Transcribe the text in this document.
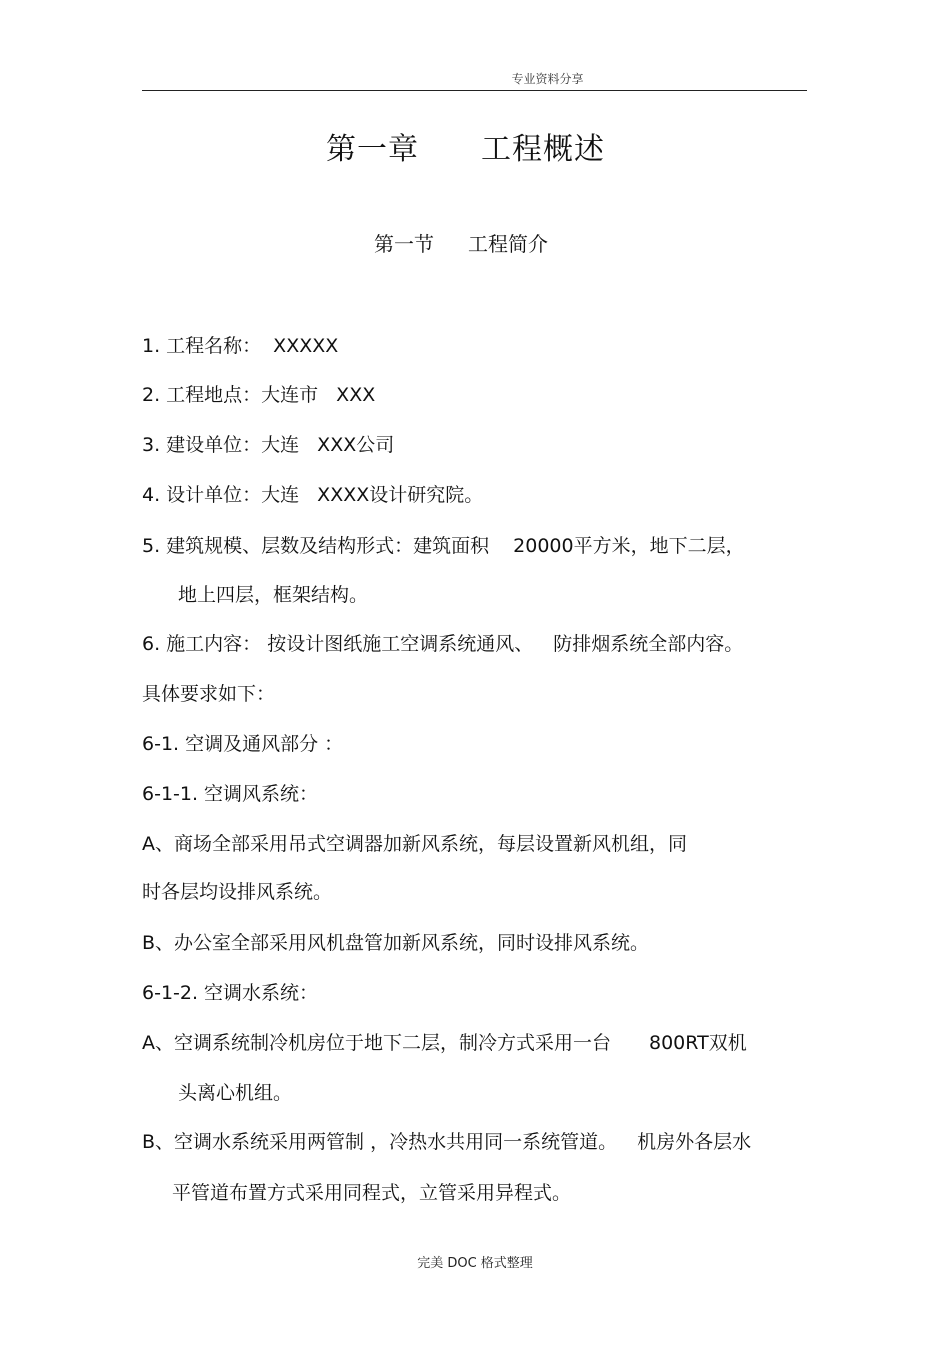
专业资料分享
第一章 工程概述
第一节 工程简介
1. 工程名称： XXXXX
2. 工程地点：大连市 XXX
3. 建设单位：大连 XXX公司
4. 设计单位：大连 XXXX设计研究院。
5. 建筑规模、层数及结构形式：建筑面积 20000平方米，地下二层，
地上四层，框架结构。
6. 施工内容： 按设计图纸施工空调系统通风、 防排烟系统全部内容。
具体要求如下：
6-1. 空调及通风部分 ：
6-1-1. 空调风系统：
A、商场全部采用吊式空调器加新风系统，每层设置新风机组，同
时各层均设排风系统。
B、办公室全部采用风机盘管加新风系统，同时设排风系统。
6-1-2. 空调水系统：
A、空调系统制冷机房位于地下二层，制冷方式采用一台 800RT双机
头离心机组。
B、空调水系统采用两管制 ，冷热水共用同一系统管道。 机房外各层水
平管道布置方式采用同程式，立管采用异程式。
完美 DOC 格式整理
